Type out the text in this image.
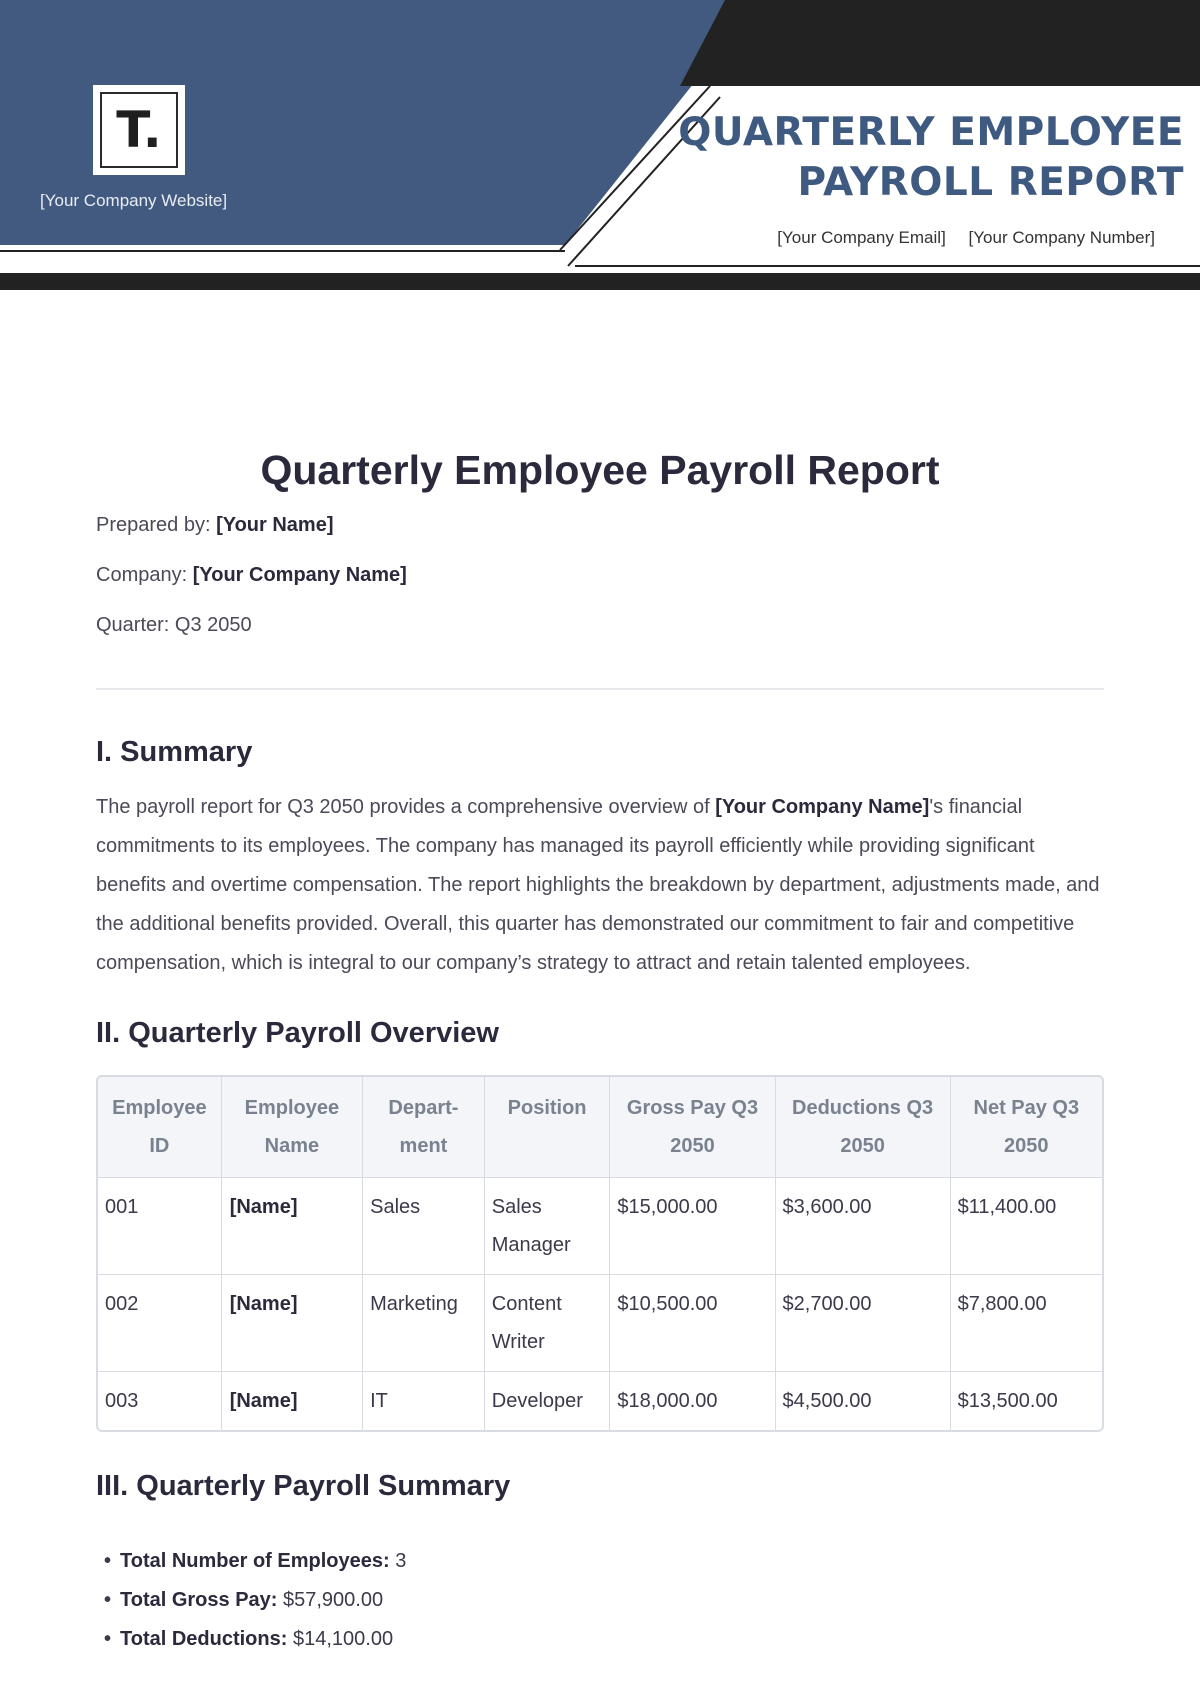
T.
[Your Company Website]
QUARTERLY EMPLOYEE
PAYROLL REPORT
[Your Company Email] [Your Company Number]
Quarterly Employee Payroll Report
Prepared by: [Your Name]
Company: [Your Company Name]
Quarter: Q3 2050
I. Summary

The payroll report for Q3 2050 provides a comprehensive overview of [Your Company Name]'s financial commitments to its employees. The company has managed its payroll efficiently while providing significant benefits and overtime compensation. The report highlights the breakdown by department, adjustments made, and the additional benefits provided. Overall, this quarter has demonstrated our commitment to fair and competitive compensation, which is integral to our company’s strategy to attract and retain talented employees.

II. Quarterly Payroll Overview
Employee ID	Employee Name	Depart-ment	Position	Gross Pay Q3 2050	Deductions Q3 2050	Net Pay Q3 2050
001	[Name]	Sales	Sales Manager	$15,000.00	$3,600.00	$11,400.00
002	[Name]	Marketing	Content Writer	$10,500.00	$2,700.00	$7,800.00
003	[Name]	IT	Developer	$18,000.00	$4,500.00	$13,500.00
III. Quarterly Payroll Summary
• Total Number of Employees: 3
• Total Gross Pay: $57,900.00
• Total Deductions: $14,100.00
